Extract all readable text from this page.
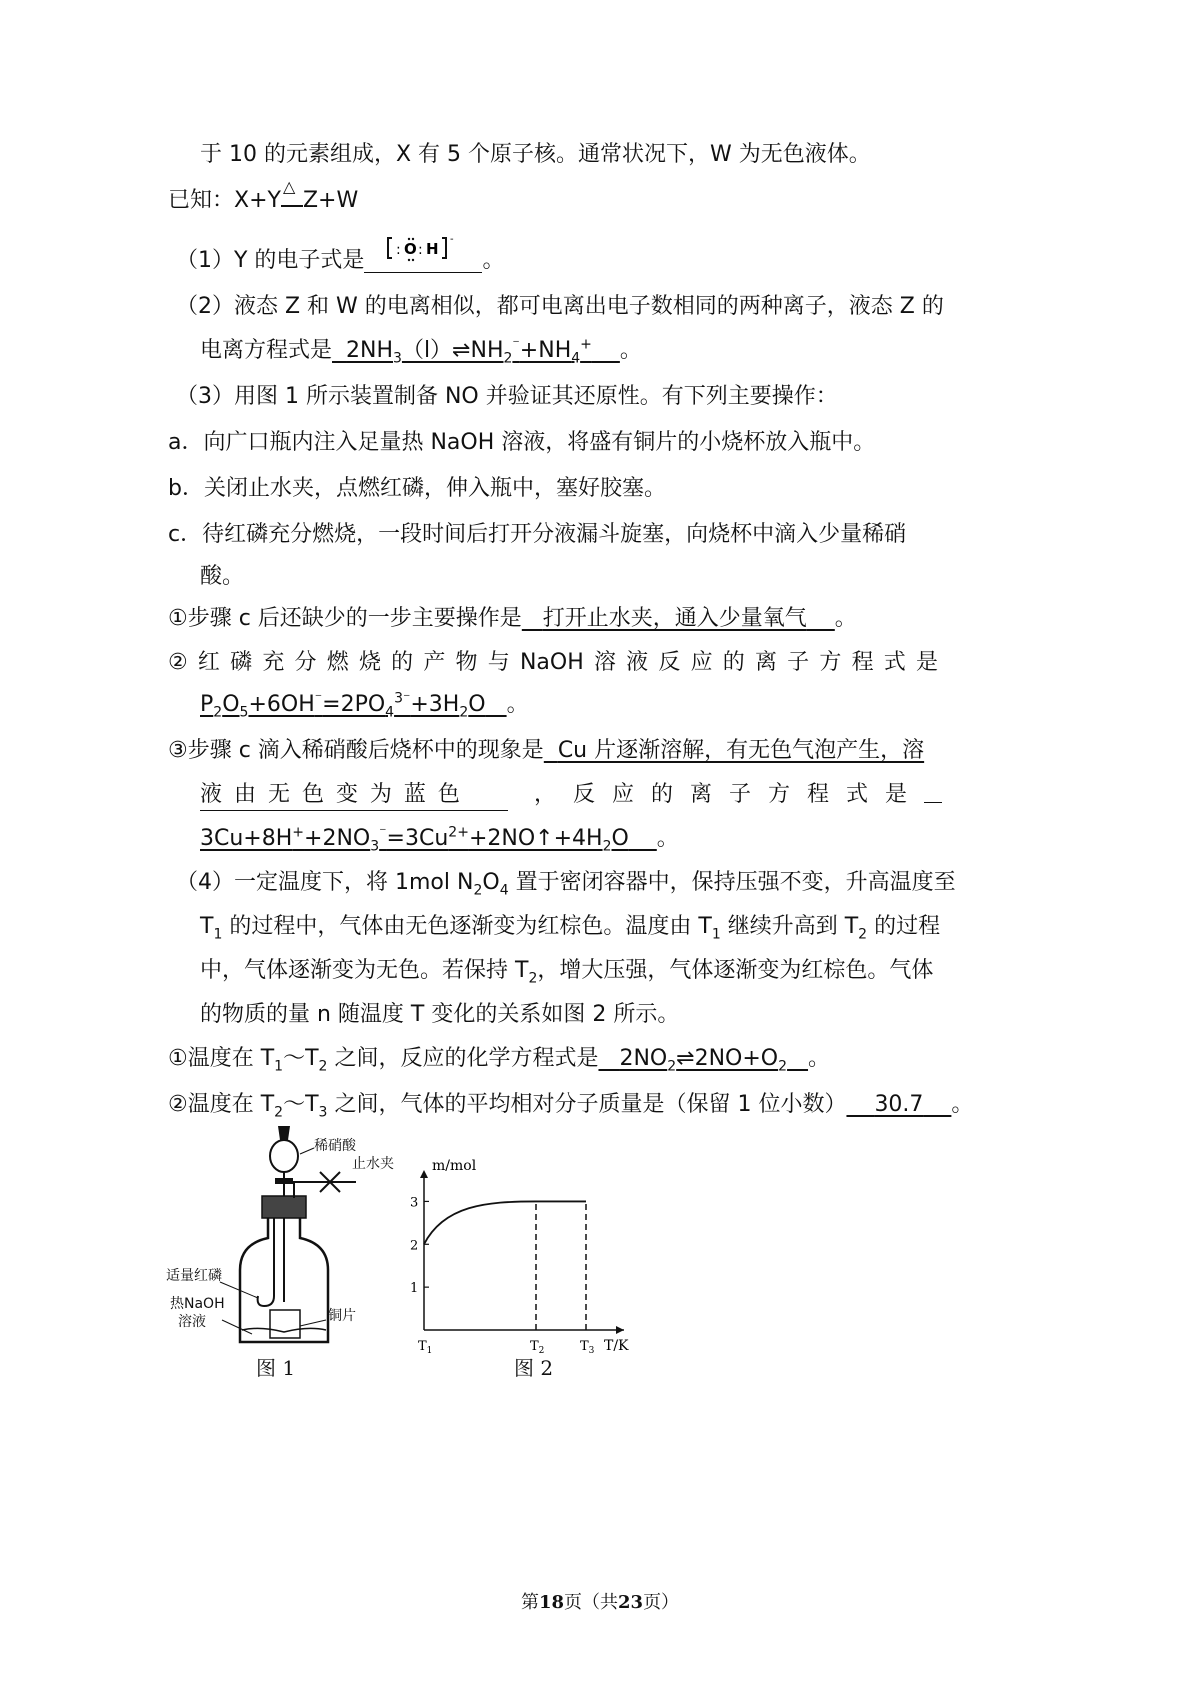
于 10 的元素组成，X 有 5 个原子核。通常状况下，W 为无色液体。
已知：X+Y
△
Z+W
（1）Y 的电子式是 : O : H
-
。
（2）液态 Z 和 W 的电离相似，都可电离出电子数相同的两种离子，液态 Z 的
电离方程式是 $2NH_3(l)\rightleftharpoons NH_2^{^-}+NH_4^+$ 。
（3）用图 1 所示装置制备 NO 并验证其还原性。有下列主要操作：
a．向广口瓶内注入足量热 NaOH 溶液，将盛有铜片的小烧杯放入瓶中。
b．关闭止水夹，点燃红磷，伸入瓶中，塞好胶塞。
c．待红磷充分燃烧，一段时间后打开分液漏斗旋塞，向烧杯中滴入少量稀硝
酸。
①步骤 c 后还缺少的一步主要操作是 打开止水夹，通入少量氧气 。
② 红 磷 充 分 燃 烧 的 产 物 与 NaOH 溶 液 反 应 的 离 子 方 程 式 是
$P_2O_5+6OH^{^-}=2PO_4^{3^-}+3H_2O$ 。
③步骤 c 滴入稀硝酸后烧杯中的现象是 Cu 片逐渐溶解，有无色气泡产生，溶
液 由 无 色 变 为 蓝 色	， 反 应 的 离 子 方 程 式 是
$3Cu+8H^++2NO_3^{^-}=3Cu^{2+}+2NO↑+4H_2O$ 。
（4）一定温度下，将 1mol $N_2O_4$ 置于密闭容器中，保持压强不变，升高温度至
$T_1$ 的过程中，气体由无色逐渐变为红棕色。温度由 $T_1$ 继续升高到 $T_2$ 的过程
中，气体逐渐变为无色。若保持 $T_2$，增大压强，气体逐渐变为红棕色。气体
的物质的量 n 随温度 T 变化的关系如图 2 所示。
①温度在 $T_1\sim T_2$ 之间，反应的化学方程式是 $2NO_2\rightleftharpoons 2NO+O_2$ 。
②温度在 $T_2\sim T_3$ 之间，气体的平均相对分子质量是（保留 1 位小数） 30.7 。
稀硝酸
止水夹
适量红磷
热NaOH
溶液	铜片
图 1
m/mol
T/K
1
2
3
$T_1$	$T_2$	$T_3$
图 2
第18页（共23页）
